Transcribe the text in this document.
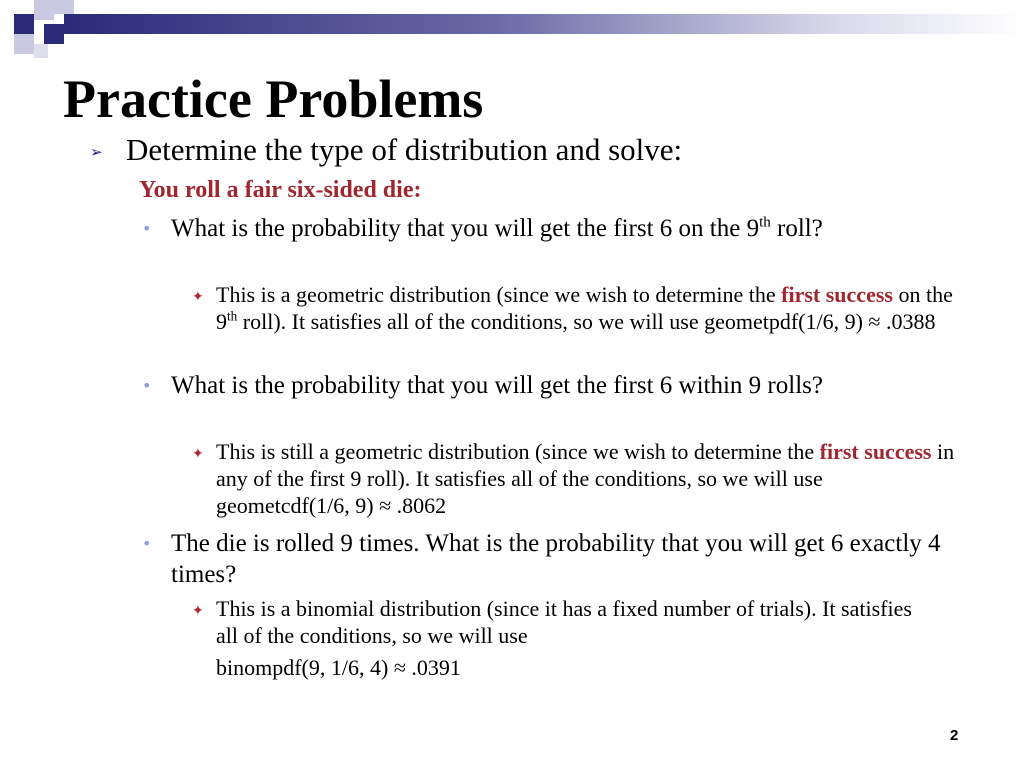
Practice Problems
➢ Determine the type of distribution and solve:
You roll a fair six-sided die:
• What is the probability that you will get the first 6 on the 9th roll?
✦ This is a geometric distribution (since we wish to determine the first success on the 9th roll). It satisfies all of the conditions, so we will use geometpdf(1/6, 9) ≈ .0388
• What is the probability that you will get the first 6 within 9 rolls?
✦ This is still a geometric distribution (since we wish to determine the first success in any of the first 9 roll). It satisfies all of the conditions, so we will use geometcdf(1/6, 9) ≈ .8062
• The die is rolled 9 times. What is the probability that you will get 6 exactly 4 times?
✦ This is a binomial distribution (since it has a fixed number of trials). It satisfies all of the conditions, so we will use
binompdf(9, 1/6, 4) ≈ .0391
2
